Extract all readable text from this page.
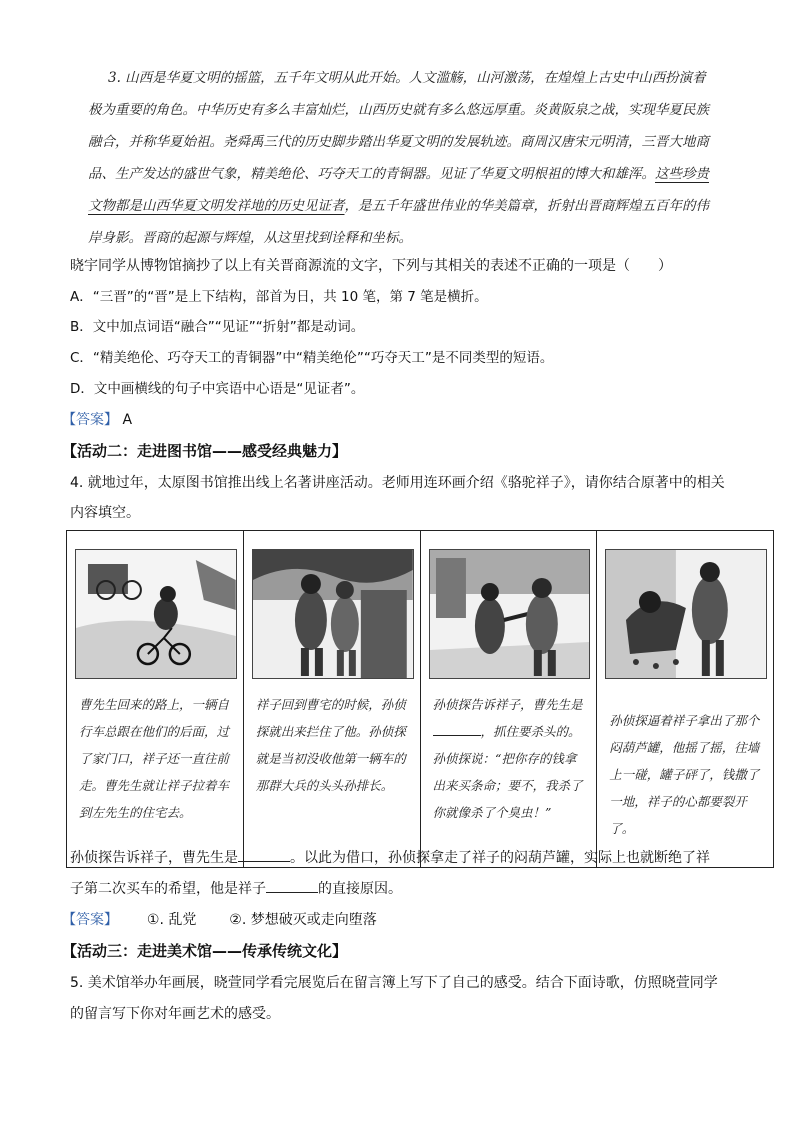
3. 山西是华夏文明的摇篮，五千年文明从此开始。人文滥觞，山河激荡，在煌煌上古史中山西扮演着
极为重要的角色。中华历史有多么丰富灿烂，山西历史就有多么悠远厚重。炎黄阪泉之战，实现华夏民族
融合，并称华夏始祖。尧舜禹三代的历史脚步踏出华夏文明的发展轨迹。商周汉唐宋元明清，三晋大地商
品、生产发达的盛世气象，精美绝伦、巧夺天工的青铜器。见证了华夏文明根祖的博大和雄浑。这些珍贵
文物都是山西华夏文明发祥地的历史见证者，是五千年盛世伟业的华美篇章，折射出晋商辉煌五百年的伟
岸身影。晋商的起源与辉煌，从这里找到诠释和坐标。
晓宇同学从博物馆摘抄了以上有关晋商源流的文字，下列与其相关的表述不正确的一项是（　　）
A．“三晋”的“晋”是上下结构，部首为日，共 10 笔，第 7 笔是横折。
B．文中加点词语“融合”“见证”“折射”都是动词。
C．“精美绝伦、巧夺天工的青铜器”中“精美绝伦”“巧夺天工”是不同类型的短语。
D．文中画横线的句子中宾语中心语是“见证者”。
【答案】 A
【活动二：走进图书馆——感受经典魅力】
4. 就地过年，太原图书馆推出线上名著讲座活动。老师用连环画介绍《骆驼祥子》，请你结合原著中的相关
内容填空。
曹先生回来的路上，一辆自行车总跟在他们的后面，过了家门口，祥子还一直往前走。曹先生就让祥子拉着车到左先生的住宅去。

祥子回到曹宅的时候，孙侦探就出来拦住了他。孙侦探就是当初没收他第一辆车的那群大兵的头头孙排长。

孙侦探告诉祥子，曹先生是，抓住要杀头的。孙侦探说：“把你存的钱拿出来买条命；要不，我杀了你就像杀了个臭虫！”

孙侦探逼着祥子拿出了那个闷葫芦罐，他摇了摇，往墙上一碰，罐子砰了，钱撒了一地，祥子的心都要裂开了。
孙侦探告诉祥子，曹先生是	。以此为借口，孙侦探拿走了祥子的闷葫芦罐，实际上也就断绝了祥
子第二次买车的希望，他是祥子	的直接原因。
【答案】 ①. 乱党 ②. 梦想破灭或走向堕落
【活动三：走进美术馆——传承传统文化】
5. 美术馆举办年画展，晓萱同学看完展览后在留言簿上写下了自己的感受。结合下面诗歌，仿照晓萱同学
的留言写下你对年画艺术的感受。
